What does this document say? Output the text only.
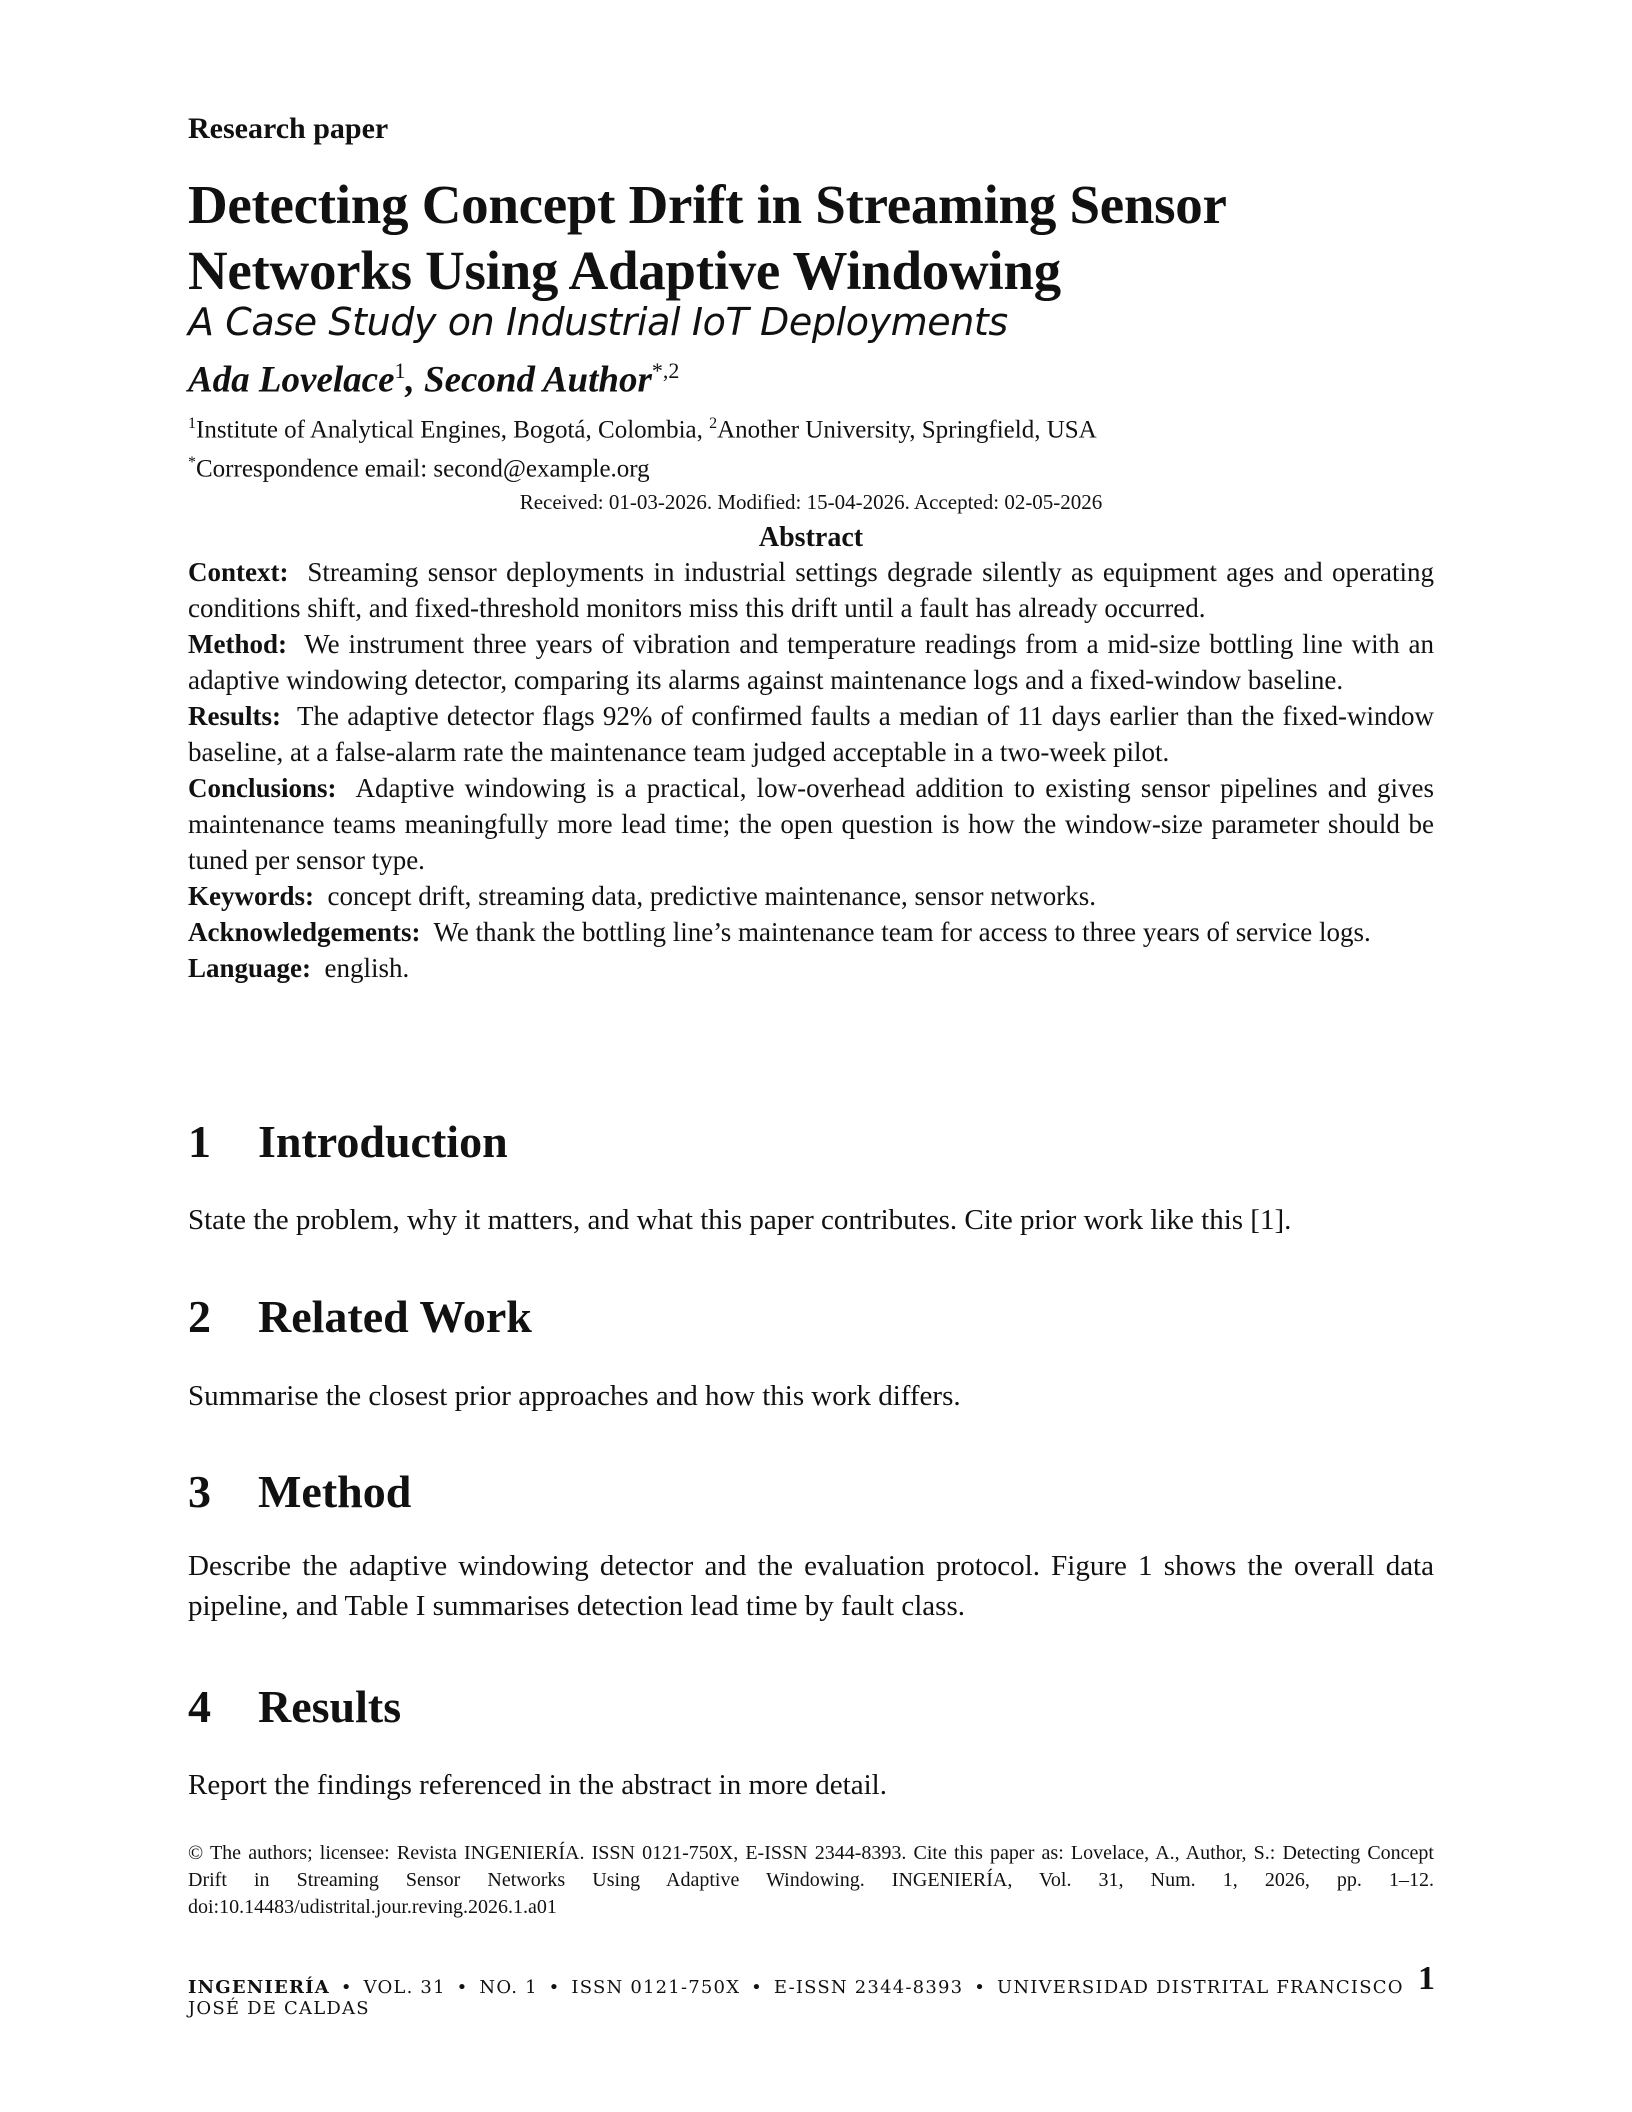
Research paper
Detecting Concept Drift in Streaming Sensor
Networks Using Adaptive Windowing
A Case Study on Industrial IoT Deployments
Ada Lovelace$^1$, Second Author$^{*,2}$
$^1$Institute of Analytical Engines, Bogotá, Colombia, $^2$Another University, Springfield, USA
*Correspondence email: second@example.org
Received: 01-03-2026. Modified: 15-04-2026. Accepted: 02-05-2026
Abstract

Context: Streaming sensor deployments in industrial settings degrade silently as equipment ages and operating conditions shift, and fixed-threshold monitors miss this drift until a fault has already occurred.

Method: We instrument three years of vibration and temperature readings from a mid-size bottling line with an adaptive windowing detector, comparing its alarms against maintenance logs and a fixed-window baseline.

Results: The adaptive detector flags 92% of confirmed faults a median of 11 days earlier than the fixed-window baseline, at a false-alarm rate the maintenance team judged acceptable in a two-week pilot.

Conclusions: Adaptive windowing is a practical, low-overhead addition to existing sensor pipelines and gives maintenance teams meaningfully more lead time; the open question is how the window-size parameter should be tuned per sensor type.

Keywords: concept drift, streaming data, predictive maintenance, sensor networks.

Acknowledgements: We thank the bottling line’s maintenance team for access to three years of service logs.

Language: english.

1 Introduction
State the problem, why it matters, and what this paper contributes. Cite prior work like this [1].
2 Related Work
Summarise the closest prior approaches and how this work differs.
3 Method
Describe the adaptive windowing detector and the evaluation protocol. Figure 1 shows the overall data pipeline, and Table I summarises detection lead time by fault class.
4 Results
Report the findings referenced in the abstract in more detail.
© The authors; licensee: Revista INGENIERÍA. ISSN 0121-750X, E-ISSN 2344-8393. Cite this paper as: Lovelace, A., Author, S.: Detecting Concept Drift in Streaming Sensor Networks Using Adaptive Windowing. INGENIERÍA, Vol. 31, Num. 1, 2026, pp. 1–12. doi:10.14483/udistrital.jour.reving.2026.1.a01
INGENIERÍA • VOL. 31 • NO. 1 • ISSN 0121-750X • E-ISSN 2344-8393 • UNIVERSIDAD DISTRITAL FRANCISCO JOSÉ DE CALDAS
1
